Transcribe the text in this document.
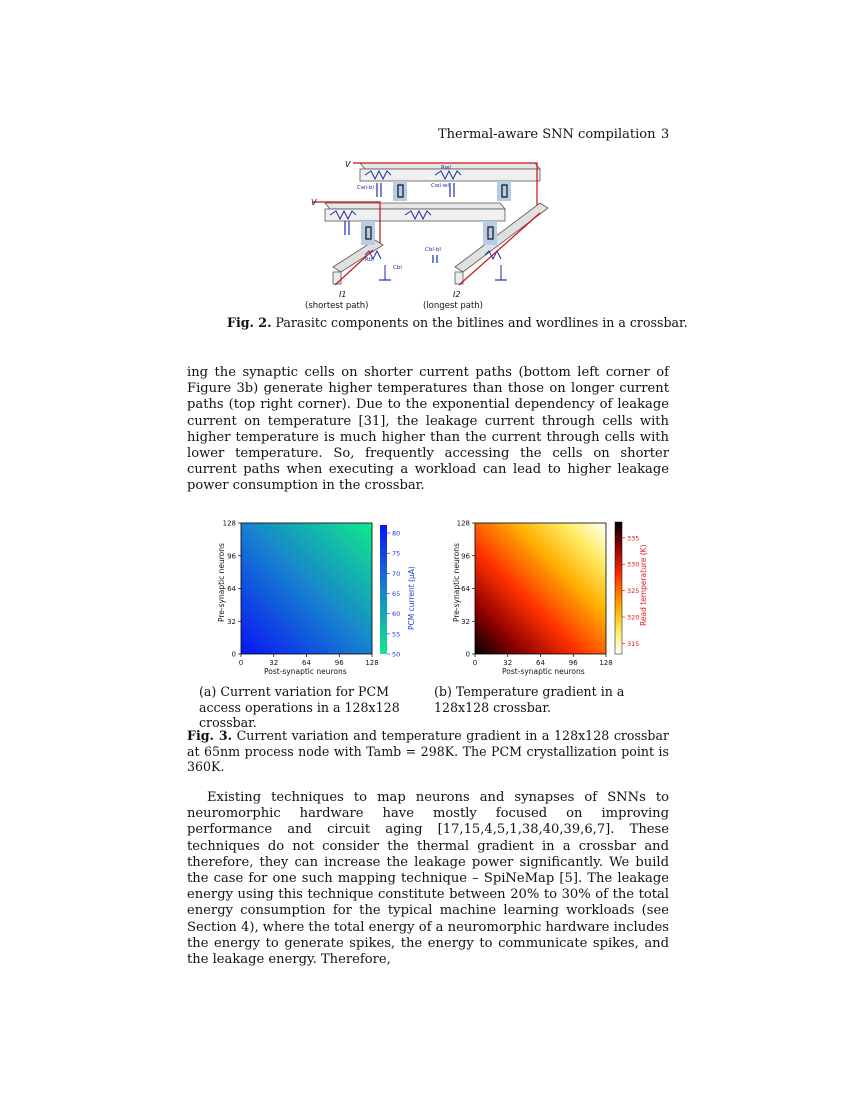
Thermal-aware SNN compilation 3
V
V
Cwl-bl	Cwl-wl
Cbl-bl
Cbl
Rbl
Rwl
I1	I2
(shortest path)	(longest path)
Fig. 2. Parasitc components on the bitlines and wordlines in a crossbar.
ing the synaptic cells on shorter current paths (bottom left corner of Figure 3b) generate higher temperatures than those on longer current paths (top right corner). Due to the exponential dependency of leakage current on temperature [31], the leakage current through cells with higher temperature is much higher than the current through cells with lower temperature. So, frequently accessing the cells on shorter current paths when executing a workload can lead to higher leakage power consumption in the crossbar.
0	32	64	96	128
0
32
64
96
128
50
55
60
65
70
75
80
Pre-synaptic neurons
Post-synaptic neurons
PCM current (μA)
(a) Current variation for PCM access operations in a 128x128 crossbar.
0	32	64	96	128
0
32
64
96
128
315
320
325
330
335
Pre-synaptic neurons
Post-synaptic neurons
Read temperature (K)
(b) Temperature gradient in a 128x128 crossbar.
Fig. 3. Current variation and temperature gradient in a 128x128 crossbar at 65nm process node with Tamb = 298K. The PCM crystallization point is 360K.
Existing techniques to map neurons and synapses of SNNs to neuromorphic hardware have mostly focused on improving performance and circuit aging [17,15,4,5,1,38,40,39,6,7]. These techniques do not consider the thermal gradient in a crossbar and therefore, they can increase the leakage power significantly. We build the case for one such mapping technique – SpiNeMap [5]. The leakage energy using this technique constitute between 20% to 30% of the total energy consumption for the typical machine learning workloads (see Section 4), where the total energy of a neuromorphic hardware includes the energy to generate spikes, the energy to communicate spikes, and the leakage energy. Therefore,
